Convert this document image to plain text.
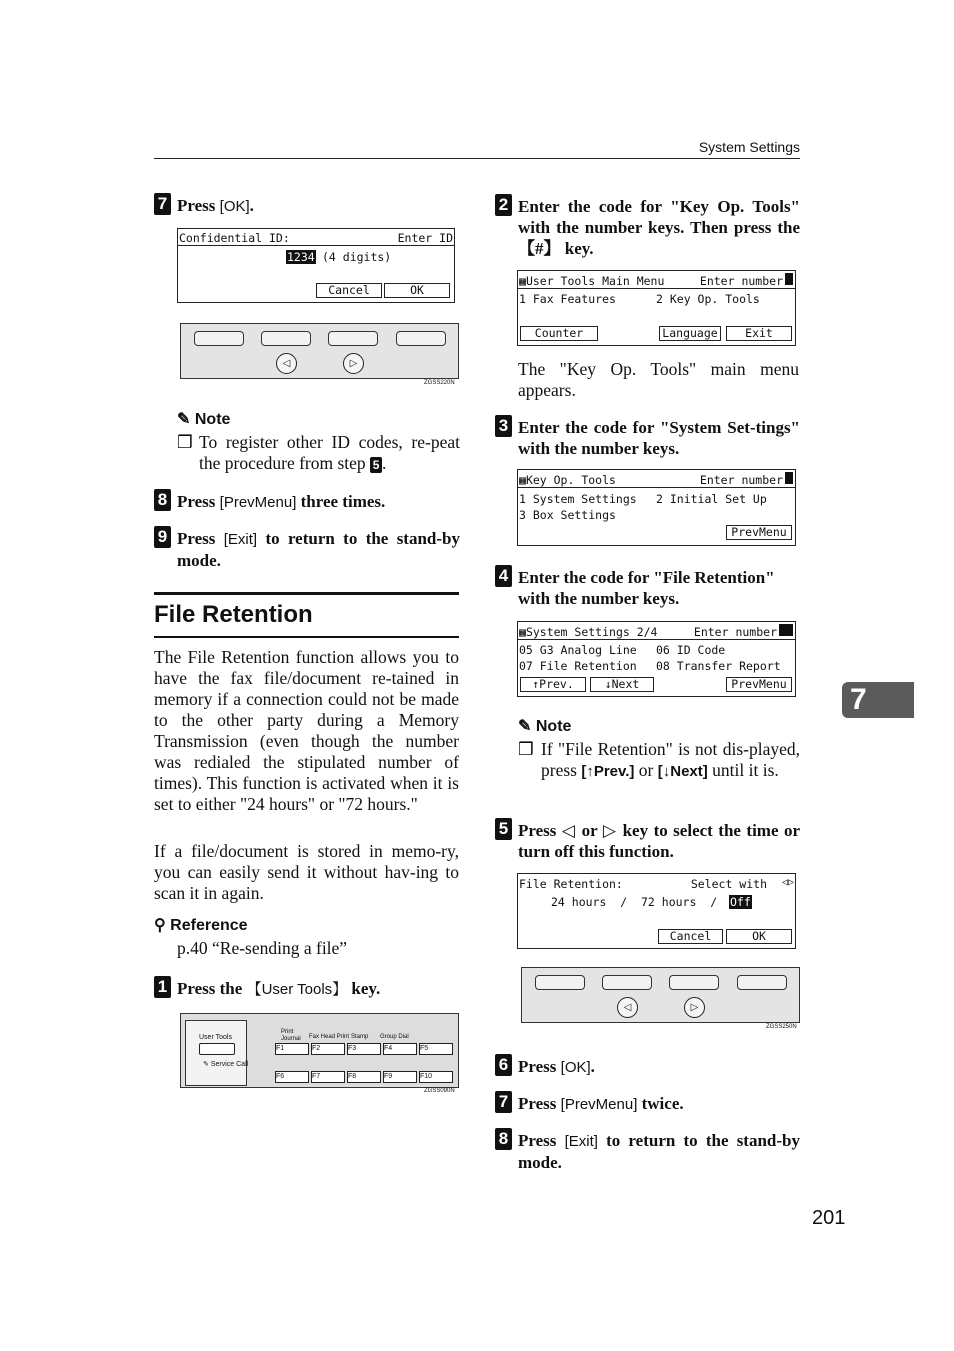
System Settings
7 Press [OK].
Confidential ID:	Enter ID
1234 (4 digits)
Cancel	OK
◁	▷
ZGSS220N
✎ Note
❒ To register other ID codes, re-peat the procedure from step 5 .
8 Press [PrevMenu] three times.
9 Press [Exit] to return to the stand-by mode.
File Retention
The File Retention function allows you to have the fax file/document re-tained in memory if a connection could not be made to the other party during a Memory Transmission (even though the number was redialed the stipulated number of times). This function is activated when it is set to either "24 hours" or "72 hours."
If a file/document is stored in memo-ry, you can easily send it without hav-ing to scan it in again.
⚲ Reference
p.40 “Re-sending a file”
1 Press the 【User Tools】 key.
User Tools
✎ Service Call
Print Journal	Fax Head Print Stamp Group Dial
F1	F2	F3	F4	F5
F6	F7	F8	F9	F10
ZGSS090N
2 Enter the code for "Key Op. Tools" with the number keys. Then press the 【#】 key.
▦User Tools Main Menu	Enter number
1 Fax Features	2 Key Op. Tools
Counter	Language	Exit
The "Key Op. Tools" main menu appears.
3 Enter the code for "System Set-tings" with the number keys.
▦Key Op. Tools	Enter number
1 System Settings 2 Initial Set Up
3 Box Settings
PrevMenu
4 Enter the code for "File Retention" with the number keys.
▦System Settings 2/4	Enter number
05 G3 Analog Line 06 ID Code
07 File Retention 08 Transfer Report
↑Prev.	↓Next	PrevMenu
✎ Note
❒ If "File Retention" is not dis-played, press [↑Prev.] or [↓Next] until it is.
5 Press ◁ or ▷ key to select the time or turn off this function.
File Retention:	Select with ◁▷
24 hours  /  72 hours  / Off
Cancel	OK
◁	▷
ZGSS250N
6 Press [OK].
7 Press [PrevMenu] twice.
8 Press [Exit] to return to the stand-by mode.
7
201
